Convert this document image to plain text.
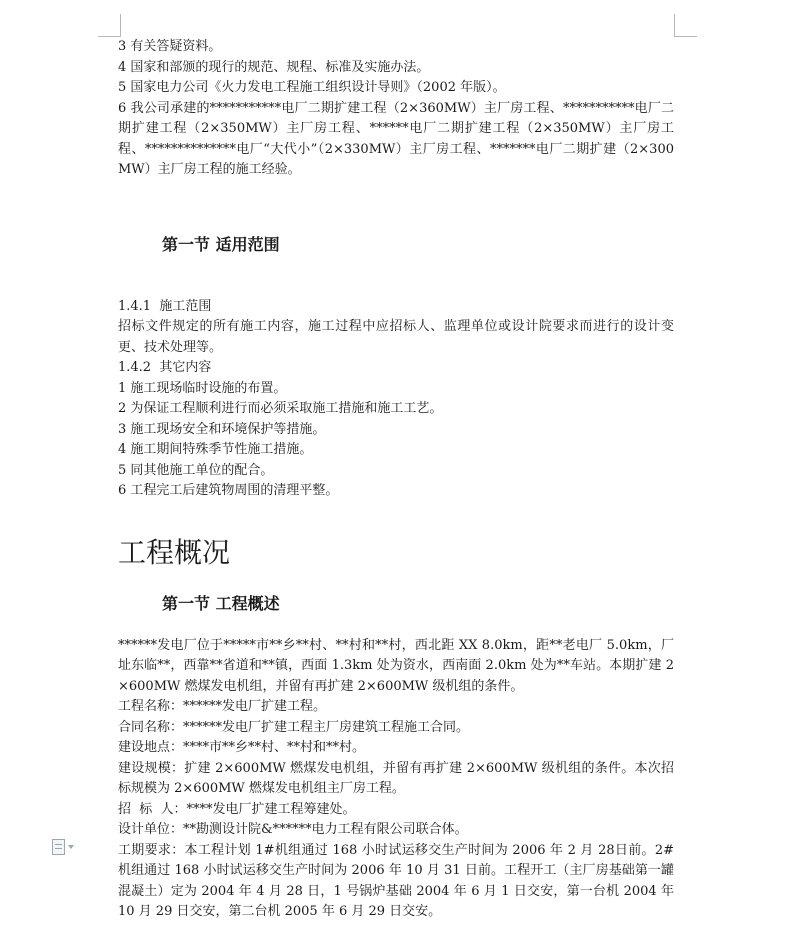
3 有关答疑资料。

4 国家和部颁的现行的规范、规程、标准及实施办法。

5 国家电力公司《火力发电工程施工组织设计导则》（2002 年版）。

6 我公司承建的***********电厂二期扩建工程（2×360MW）主厂房工程、***********电厂二期扩建工程（2×350MW）主厂房工程、******电厂二期扩建工程（2×350MW）主厂房工程、**************电厂“大代小”（2×330MW）主厂房工程、*******电厂二期扩建（2×300MW）主厂房工程的施工经验。

第一节 适用范围

1.4.1  施工范围

招标文件规定的所有施工内容，施工过程中应招标人、监理单位或设计院要求而进行的设计变更、技术处理等。

1.4.2  其它内容

1 施工现场临时设施的布置。

2 为保证工程顺利进行而必须采取施工措施和施工工艺。

3 施工现场安全和环境保护等措施。

4 施工期间特殊季节性施工措施。

5 同其他施工单位的配合。

6 工程完工后建筑物周围的清理平整。

工程概况
第一节 工程概述

******发电厂位于*****市**乡**村、**村和**村，西北距 XX 8.0km，距**老电厂 5.0km，厂址东临**，西靠**省道和**镇，西面 1.3km 处为资水，西南面 2.0km 处为**车站。本期扩建 2×600MW 燃煤发电机组，并留有再扩建 2×600MW 级机组的条件。

工程名称：******发电厂扩建工程。

合同名称：******发电厂扩建工程主厂房建筑工程施工合同。

建设地点：****市**乡**村、**村和**村。

建设规模：扩建 2×600MW 燃煤发电机组，并留有再扩建 2×600MW 级机组的条件。本次招标规模为 2×600MW 燃煤发电机组主厂房工程。

招  标  人：****发电厂扩建工程筹建处。

设计单位：**勘测设计院&******电力工程有限公司联合体。

工期要求：本工程计划 1#机组通过 168 小时试运移交生产时间为 2006 年 2 月 28日前。2#机组通过 168 小时试运移交生产时间为 2006 年 10 月 31 日前。工程开工（主厂房基础第一罐混凝土）定为 2004 年 4 月 28 日，1 号锅炉基础 2004 年 6 月 1 日交安，第一台机 2004 年 10 月 29 日交安，第二台机 2005 年 6 月 29 日交安。
